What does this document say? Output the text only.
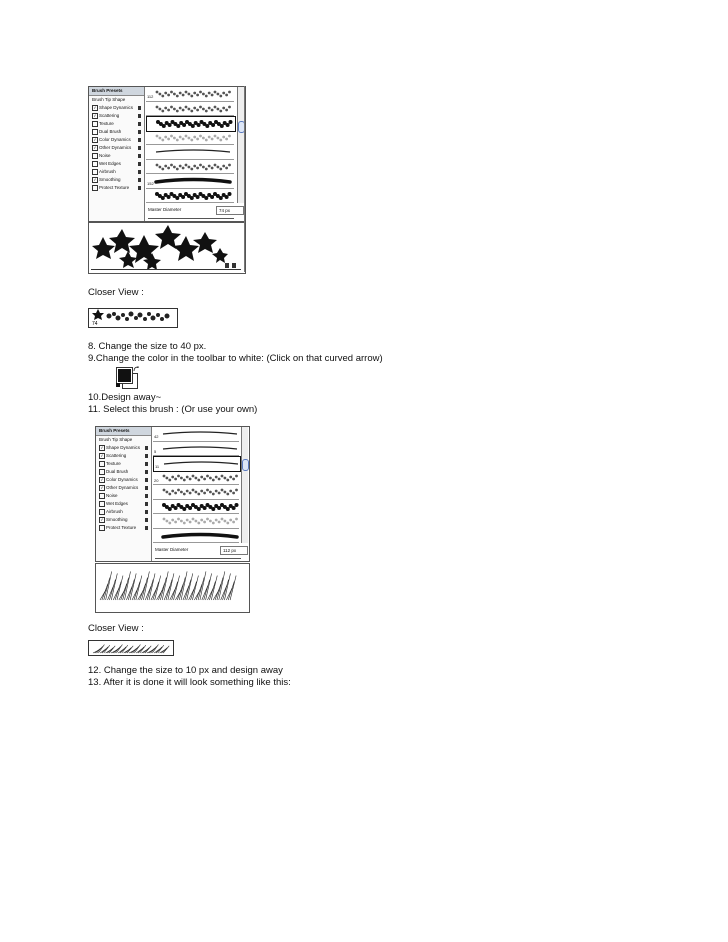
Brush Presets
Brush Tip Shape
✓ Shape Dynamics
✓ Scattering
Texture
Dual Brush
✓ Color Dynamics
✓ Other Dynamics
Noise
Wet Edges
Airbrush
✓ Smoothing
Protect Texture
112
152
Master Diameter	74 px
Closer View :
74
8. Change the size to 40 px.
9.Change the color in the toolbar to white: (Click on that curved arrow)
10.Design away~
11. Select this brush : (Or use your own)
Brush Presets
Brush Tip Shape
✓ Shape Dynamics
✓ Scattering
Texture
Dual Brush
✓ Color Dynamics
✓ Other Dynamics
Noise
Wet Edges
Airbrush
✓ Smoothing
Protect Texture
42
5
11
20
Master Diameter	112 px
Closer View :
12. Change the size to 10 px and design away
13. After it is done it will look something like this:
